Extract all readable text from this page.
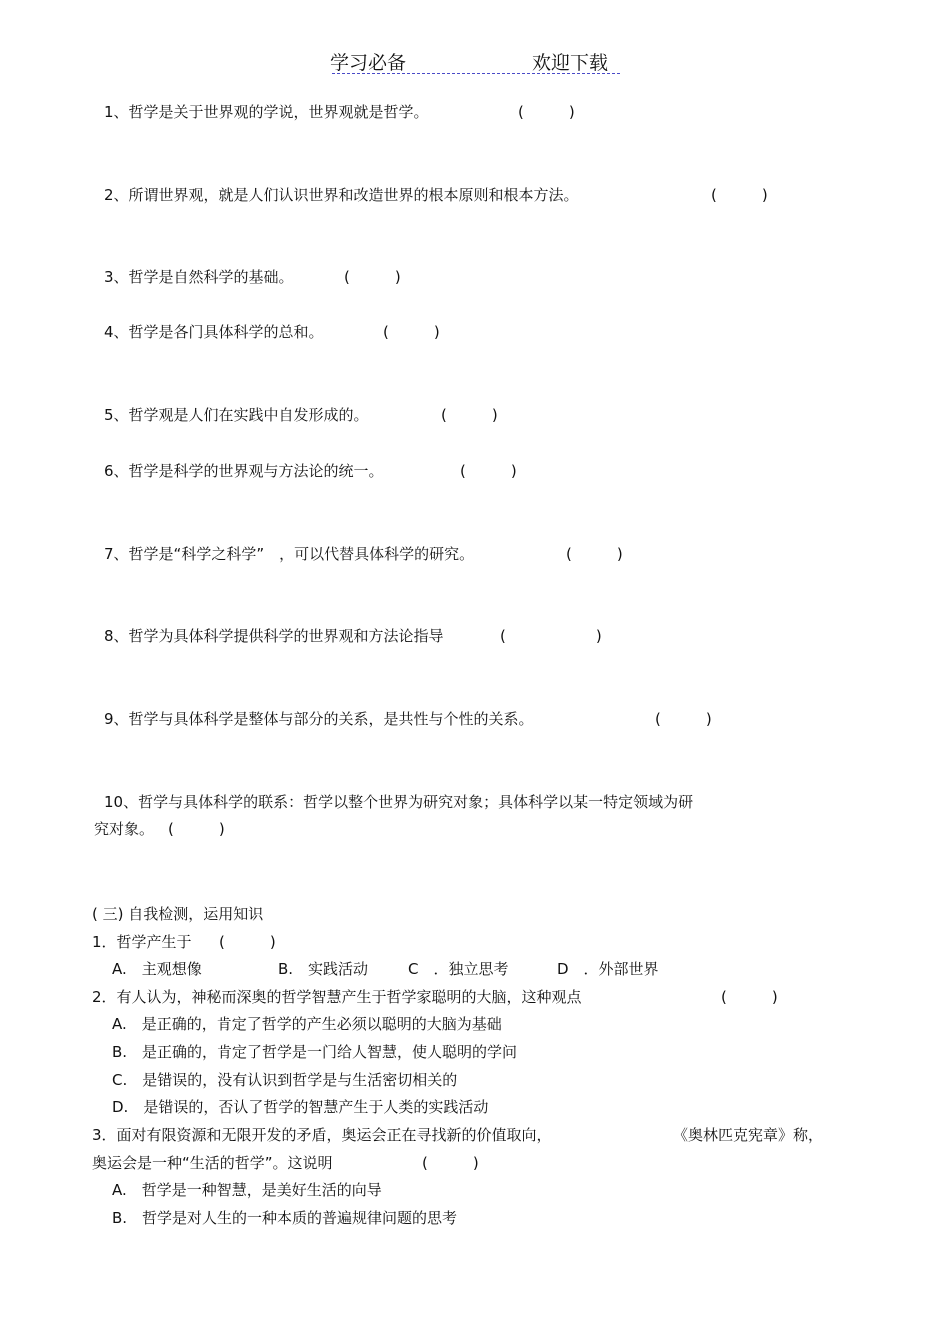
学习必备	欢迎下载
1、哲学是关于世界观的学说，世界观就是哲学。	(　　　)
2、所谓世界观，就是人们认识世界和改造世界的根本原则和根本方法。	(　　　)
3、哲学是自然科学的基础。	(　　　)
4、哲学是各门具体科学的总和。	(　　　)
5、哲学观是人们在实践中自发形成的。	(　　　)
6、哲学是科学的世界观与方法论的统一。	(　　　)
7、哲学是“科学之科学”　，可以代替具体科学的研究。	(　　　)
8、哲学为具体科学提供科学的世界观和方法论指导	(　　　　　　)
9、哲学与具体科学是整体与部分的关系，是共性与个性的关系。	(　　　)
10、哲学与具体科学的联系：哲学以整个世界为研究对象；具体科学以某一特定领域为研
究对象。 (　　　)
( 三) 自我检测，运用知识
1．哲学产生于 (　　　)
A.　主观想像	B.　实践活动	C　．独立思考	D　．外部世界
2．有人认为，神秘而深奥的哲学智慧产生于哲学家聪明的大脑，这种观点	(　　　)
A.　是正确的，肯定了哲学的产生必须以聪明的大脑为基础
B.　是正确的，肯定了哲学是一门给人智慧，使人聪明的学问
C.　是错误的，没有认识到哲学是与生活密切相关的
D.　是错误的，否认了哲学的智慧产生于人类的实践活动
3．面对有限资源和无限开发的矛盾，奥运会正在寻找新的价值取向，	《奥林匹克宪章》称，
奥运会是一种“生活的哲学”。这说明	(　　　)
A.　哲学是一种智慧，是美好生活的向导
B.　哲学是对人生的一种本质的普遍规律问题的思考
